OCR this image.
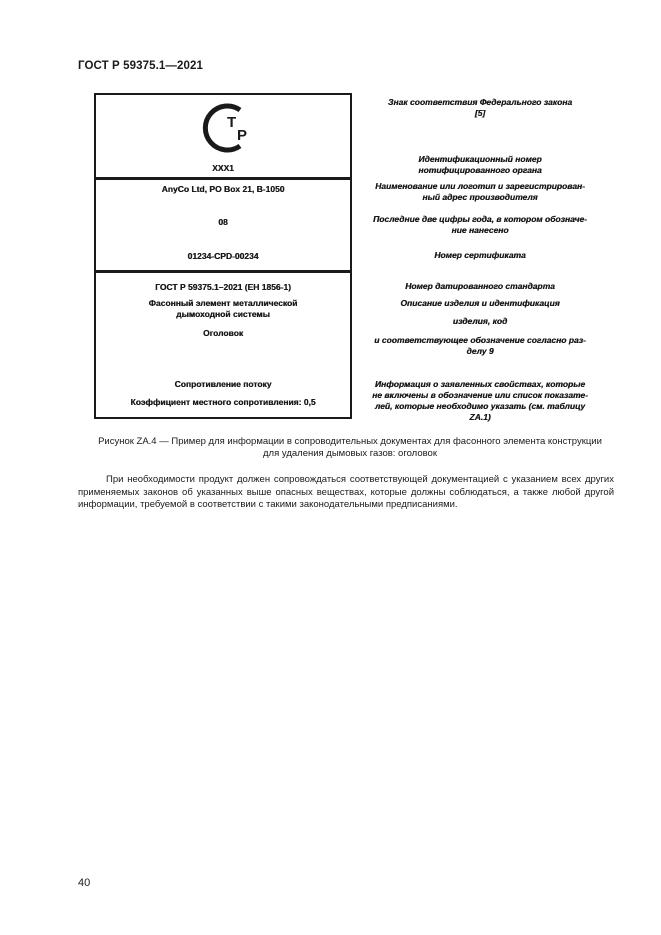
ГОСТ Р 59375.1—2021
Т
Р
XXX1
AnyCo Ltd, PO Box 21, B-1050
08
01234-CPD-00234
ГОСТ Р 59375.1–2021 (ЕН 1856-1)
Фасонный элемент металлической
дымоходной системы
Оголовок
Сопротивление потоку
Коэффициент местного сопротивления: 0,5
Знак соответствия Федерального закона
[5]
Идентификационный номер
нотифицированного органа
Наименование или логотип и зарегистрирован-
ный адрес производителя
Последние две цифры года, в котором обозначе-
ние нанесено
Номер сертификата
Номер датированного стандарта
Описание изделия и идентификация
изделия, код
и соответствующее обозначение согласно раз-
делу 9
Информация о заявленных свойствах, которые
не включены в обозначение или список показате-
лей, которые необходимо указать (см. таблицу
ZA.1)
Рисунок ZA.4 — Пример для информации в сопроводительных документах для фасонного элемента конструкции
для удаления дымовых газов: оголовок
При необходимости продукт должен сопровождаться соответствующей документацией с указанием всех других применяемых законов об указанных выше опасных веществах, которые должны соблюдаться, а также любой другой информации, требуемой в соответствии с такими законодательными предписаниями.
40
